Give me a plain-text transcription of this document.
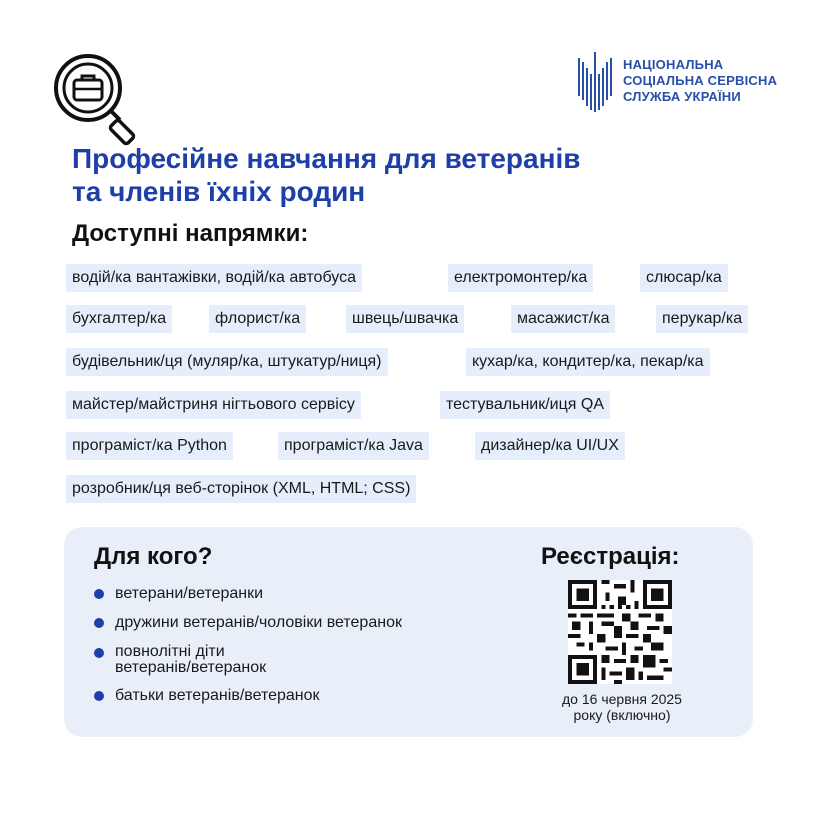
НАЦІОНАЛЬНА
СОЦІАЛЬНА СЕРВІСНА
СЛУЖБА УКРАЇНИ
Професійне навчання для ветеранів
та членів їхніх родин
Доступні напрямки:
водій/ка вантажівки, водій/ка автобуса	електромонтер/ка	слюсар/ка
бухгалтер/ка	флорист/ка	швець/швачка	масажист/ка	перукар/ка
будівельник/ця (муляр/ка, штукатур/ниця)	кухар/ка, кондитер/ка, пекар/ка
майстер/майстриня нігтьового сервісу	тестувальник/иця QA
програміст/ка Python	програміст/ка Java	дизайнер/ка UI/UX
розробник/ця веб-сторінок (XML, HTML; CSS)
Для кого?
ветерани/ветеранки
дружини ветеранів/чоловіки ветеранок
повнолітні діти
ветеранів/ветеранок
батьки ветеранів/ветеранок
Реєстрація:
до 16 червня 2025
року (включно)
